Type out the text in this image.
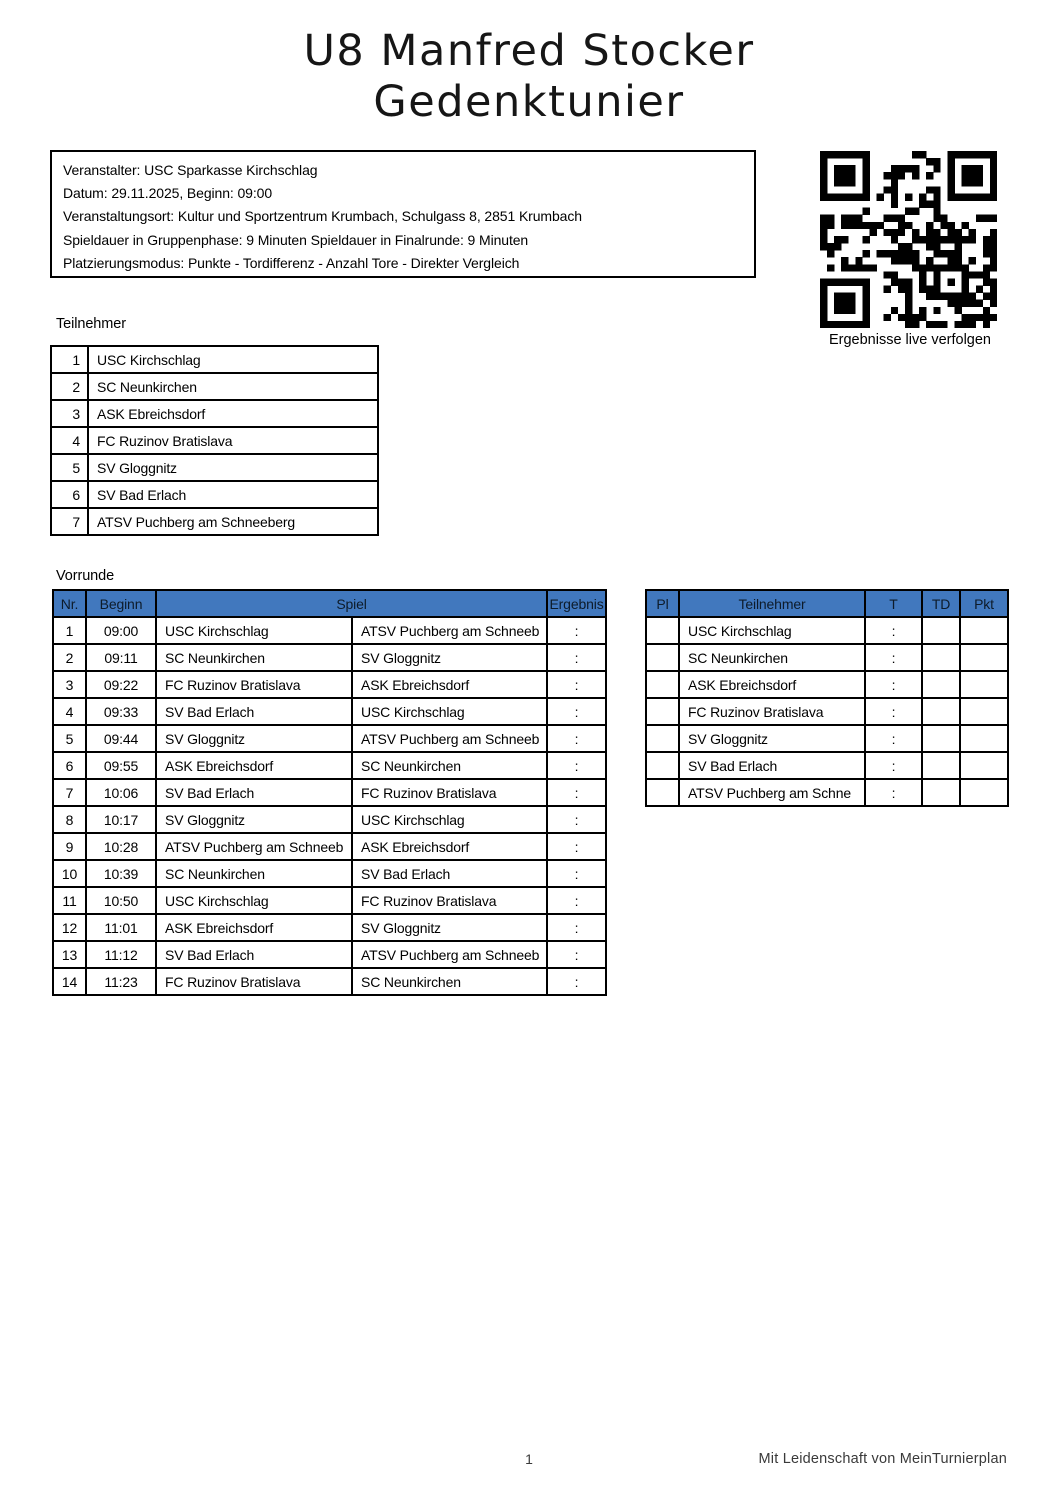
U8 Manfred Stocker
Gedenktunier
Veranstalter: USC Sparkasse Kirchschlag
Datum: 29.11.2025, Beginn: 09:00
Veranstaltungsort: Kultur und Sportzentrum Krumbach, Schulgass 8, 2851 Krumbach
Spieldauer in Gruppenphase: 9 Minuten Spieldauer in Finalrunde: 9 Minuten
Platzierungsmodus: Punkte - Tordifferenz - Anzahl Tore - Direkter Vergleich
Ergebnisse live verfolgen
Teilnehmer
1	USC Kirchschlag
2	SC Neunkirchen
3	ASK Ebreichsdorf
4	FC Ruzinov Bratislava
5	SV Gloggnitz
6	SV Bad Erlach
7	ATSV Puchberg am Schneeberg
Vorrunde
Nr.	Beginn	Spiel		Ergebnis
1	09:00	USC Kirchschlag	ATSV Puchberg am Schneeb	:
2	09:11	SC Neunkirchen	SV Gloggnitz	:
3	09:22	FC Ruzinov Bratislava	ASK Ebreichsdorf	:
4	09:33	SV Bad Erlach	USC Kirchschlag	:
5	09:44	SV Gloggnitz	ATSV Puchberg am Schneeb	:
6	09:55	ASK Ebreichsdorf	SC Neunkirchen	:
7	10:06	SV Bad Erlach	FC Ruzinov Bratislava	:
8	10:17	SV Gloggnitz	USC Kirchschlag	:
9	10:28	ATSV Puchberg am Schneeb	ASK Ebreichsdorf	:
10	10:39	SC Neunkirchen	SV Bad Erlach	:
11	10:50	USC Kirchschlag	FC Ruzinov Bratislava	:
12	11:01	ASK Ebreichsdorf	SV Gloggnitz	:
13	11:12	SV Bad Erlach	ATSV Puchberg am Schneeb	:
14	11:23	FC Ruzinov Bratislava	SC Neunkirchen	:
Pl	Teilnehmer	T	TD	Pkt
	USC Kirchschlag	:		
	SC Neunkirchen	:		
	ASK Ebreichsdorf	:		
	FC Ruzinov Bratislava	:		
	SV Gloggnitz	:		
	SV Bad Erlach	:		
	ATSV Puchberg am Schne	:		
1	Mit Leidenschaft von MeinTurnierplan
